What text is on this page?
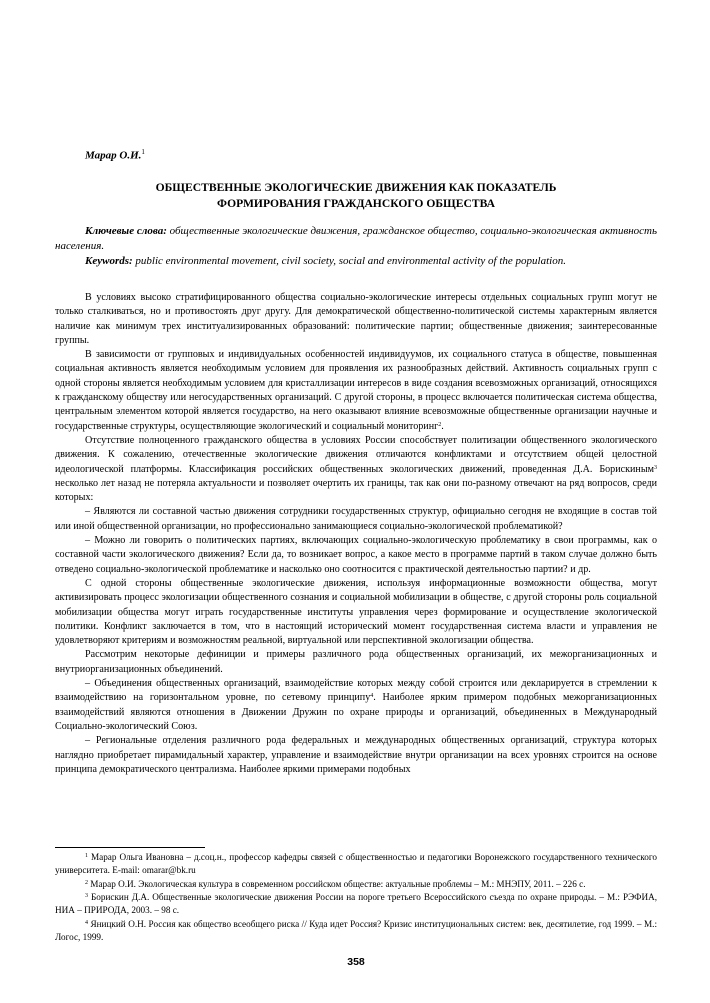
Марар О.И.$^1$
ОБЩЕСТВЕННЫЕ ЭКОЛОГИЧЕСКИЕ ДВИЖЕНИЯ КАК ПОКАЗАТЕЛЬ
ФОРМИРОВАНИЯ ГРАЖДАНСКОГО ОБЩЕСТВА

Ключевые слова: общественные экологические движения, гражданское общество, социально-экологическая активность населения.

Keywords: public environmental movement, civil society, social and environmental activity of the population.

В условиях высоко стратифицированного общества социально-экологические интересы отдельных социальных групп могут не только сталкиваться, но и противостоять друг другу. Для демократической общественно-политической системы характерным является наличие как минимум трех институализированных образований: политические партии; общественные движения; заинтересованные группы.

В зависимости от групповых и индивидуальных особенностей индивидуумов, их социального статуса в обществе, повышенная социальная активность является необходимым условием для проявления их разнообразных действий. Активность социальных групп с одной стороны является необходимым условием для кристаллизации интересов в виде создания всевозможных организаций, относящихся к гражданскому обществу или негосударственных организаций. С другой стороны, в процесс включается политическая система общества, центральным элементом которой является государство, на него оказывают влияние всевозможные общественные организации научные и государственные структуры, осуществляющие экологический и социальный мониторинг$^2$.

Отсутствие полноценного гражданского общества в условиях России способствует политизации общественного экологического движения. К сожалению, отечественные экологические движения отличаются конфликтами и отсутствием общей целостной идеологической платформы. Классификация российских общественных экологических движений, проведенная Д.А. Борискиным$^3$ несколько лет назад не потеряла актуальности и позволяет очертить их границы, так как они по-разному отвечают на ряд вопросов, среди которых:

– Являются ли составной частью движения сотрудники государственных структур, официально сегодня не входящие в состав той или иной общественной организации, но профессионально занимающиеся социально-экологической проблематикой?

– Можно ли говорить о политических партиях, включающих социально-экологическую проблематику в свои программы, как о составной части экологического движения? Если да, то возникает вопрос, а какое место в программе партий в таком случае должно быть отведено социально-экологической проблематике и насколько оно соотносится с практической деятельностью партии? и др.

С одной стороны общественные экологические движения, используя информационные возможности общества, могут активизировать процесс экологизации общественного сознания и социальной мобилизации в обществе, с другой стороны роль социальной мобилизации общества могут играть государственные институты управления через формирование и осуществление экологической политики. Конфликт заключается в том, что в настоящий исторический момент государственная система власти и управления не удовлетворяют критериям и возможностям реальной, виртуальной или перспективной экологизации общества.

Рассмотрим некоторые дефиниции и примеры различного рода общественных организаций, их межорганизационных и внутриорганизационных объединений.

– Объединения общественных организаций, взаимодействие которых между собой строится или декларируется в стремлении к взаимодействию на горизонтальном уровне, по сетевому принципу$^4$. Наиболее ярким примером подобных межорганизационных взаимодействий являются отношения в Движении Дружин по охране природы и организаций, объединенных в Международный Социально-экологический Союз.

– Региональные отделения различного рода федеральных и международных общественных организаций, структура которых наглядно приобретает пирамидальный характер, управление и взаимодействие внутри организации на всех уровнях строится на основе принципа демократического централизма. Наиболее яркими примерами подобных

$^1$ Марар Ольга Ивановна – д.соц.н., профессор кафедры связей с общественностью и педагогики Воронежского государственного технического университета. E-mail: omarar@bk.ru

$^2$ Марар О.И. Экологическая культура в современном российском обществе: актуальные проблемы – М.: МНЭПУ, 2011. – 226 с.

$^3$ Борискин Д.А. Общественные экологические движения России на пороге третьего Всероссийского съезда по охране природы. – М.: РЭФИА, НИА – ПРИРОДА, 2003. – 98 с.

$^4$ Яницкий О.Н. Россия как общество всеобщего риска // Куда идет Россия? Кризис институциональных систем: век, десятилетие, год 1999. – М.: Логос, 1999.

358
